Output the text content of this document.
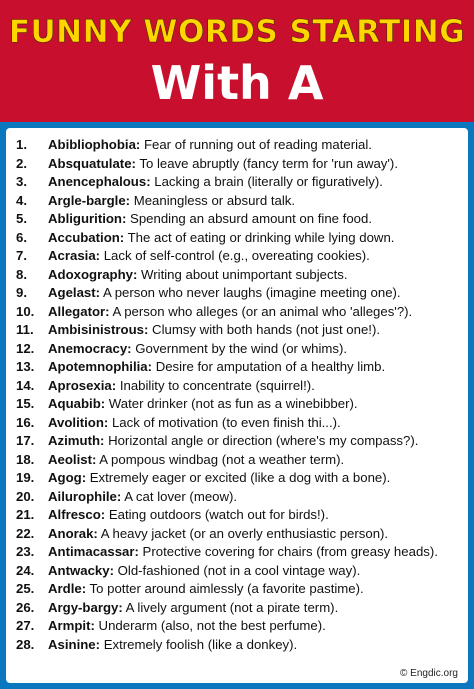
FUNNY WORDS STARTING
With A
1. Abibliophobia: Fear of running out of reading material.
2. Absquatulate: To leave abruptly (fancy term for 'run away').
3. Anencephalous: Lacking a brain (literally or figuratively).
4. Argle-bargle: Meaningless or absurd talk.
5. Abligurition: Spending an absurd amount on fine food.
6. Accubation: The act of eating or drinking while lying down.
7. Acrasia: Lack of self-control (e.g., overeating cookies).
8. Adoxography: Writing about unimportant subjects.
9. Agelast: A person who never laughs (imagine meeting one).
10. Allegator: A person who alleges (or an animal who 'alleges'?).
11. Ambisinistrous: Clumsy with both hands (not just one!).
12. Anemocracy: Government by the wind (or whims).
13. Apotemnophilia: Desire for amputation of a healthy limb.
14. Aprosexia: Inability to concentrate (squirrel!).
15. Aquabib: Water drinker (not as fun as a winebibber).
16. Avolition: Lack of motivation (to even finish thi...).
17. Azimuth: Horizontal angle or direction (where's my compass?).
18. Aeolist: A pompous windbag (not a weather term).
19. Agog: Extremely eager or excited (like a dog with a bone).
20. Ailurophile: A cat lover (meow).
21. Alfresco: Eating outdoors (watch out for birds!).
22. Anorak: A heavy jacket (or an overly enthusiastic person).
23. Antimacassar: Protective covering for chairs (from greasy heads).
24. Antwacky: Old-fashioned (not in a cool vintage way).
25. Ardle: To potter around aimlessly (a favorite pastime).
26. Argy-bargy: A lively argument (not a pirate term).
27. Armpit: Underarm (also, not the best perfume).
28. Asinine: Extremely foolish (like a donkey).
© Engdic.org
